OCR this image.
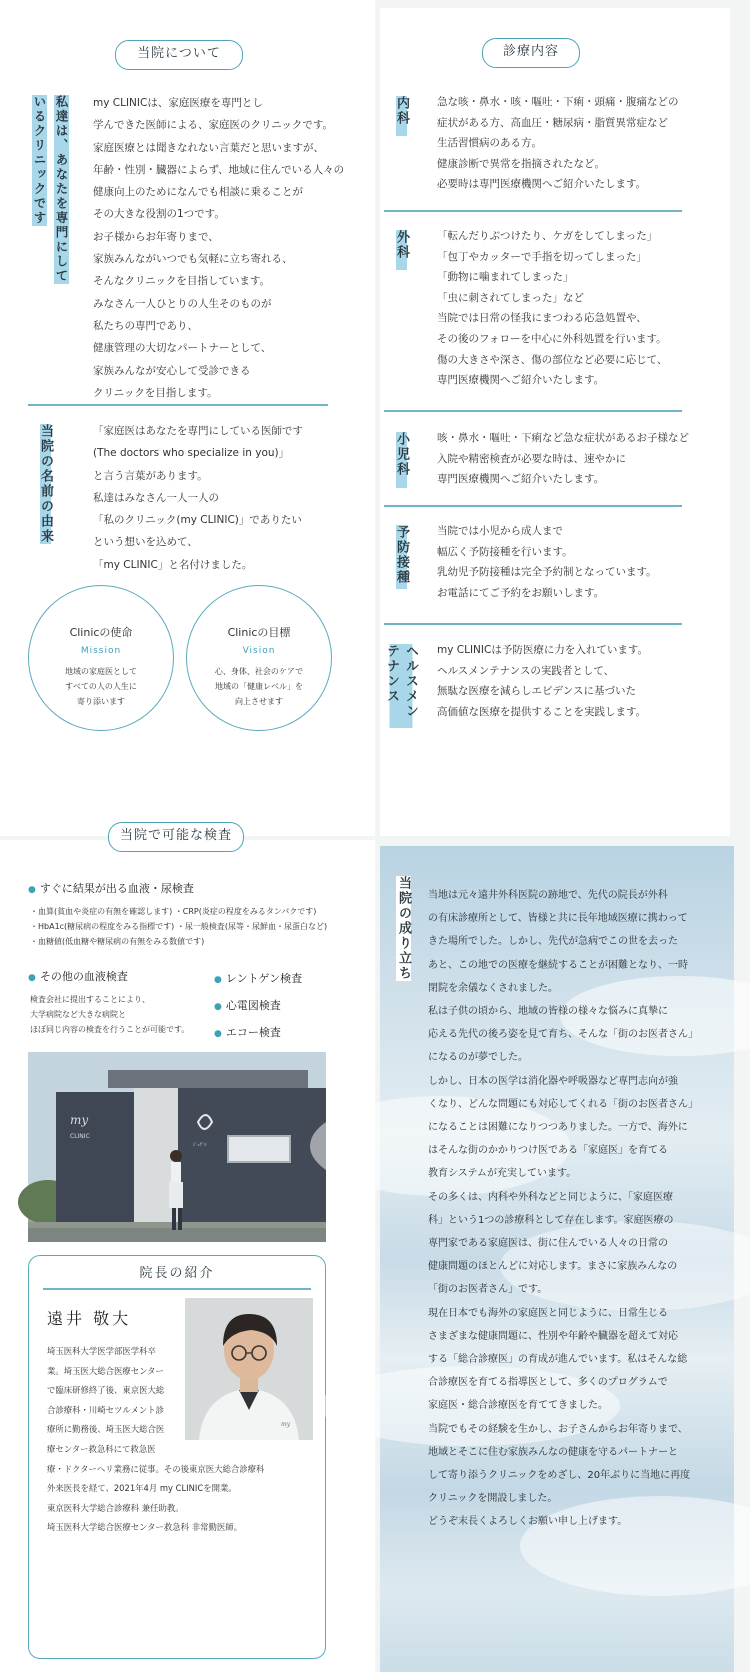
当院について
私達は、あなたを専門にしているクリニックです	my CLINICは、家庭医療を専門とし
学んできた医師による、家庭医のクリニックです。
家庭医療とは聞きなれない言葉だと思いますが、
年齢・性別・臓器によらず、地域に住んでいる人々の
健康向上のためになんでも相談に乗ることが
その大きな役割の1つです。
お子様からお年寄りまで、
家族みんながいつでも気軽に立ち寄れる、
そんなクリニックを目指しています。
みなさん一人ひとりの人生そのものが
私たちの専門であり、
健康管理の大切なパートナーとして、
家族みんなが安心して受診できる
クリニックを目指します。
当院の名前の由来	「家庭医はあなたを専門にしている医師です
(The doctors who specialize in you)」
と言う言葉があります。
私達はみなさん一人一人の
「私のクリニック(my CLINIC)」でありたい
という想いを込めて、
「my CLINIC」と名付けました。
Clinicの使命
Mission
地域の家庭医として
すべての人の人生に
寄り添います
Clinicの目標
Vision
心、身体、社会のケアで
地域の「健康レベル」を
向上させます
診療内容
内科	急な咳・鼻水・咳・嘔吐・下痢・頭痛・腹痛などの
症状がある方、高血圧・糖尿病・脂質異常症など
生活習慣病のある方。
健康診断で異常を指摘されたなど。
必要時は専門医療機関へご紹介いたします。
外科	「転んだりぶつけたり、ケガをしてしまった」
「包丁やカッターで手指を切ってしまった」
「動物に噛まれてしまった」
「虫に刺されてしまった」など
当院では日常の怪我にまつわる応急処置や、
その後のフォローを中心に外科処置を行います。
傷の大きさや深さ、傷の部位など必要に応じて、
専門医療機関へご紹介いたします。
小児科	咳・鼻水・嘔吐・下痢など急な症状があるお子様など
入院や精密検査が必要な時は、速やかに
専門医療機関へご紹介いたします。
予防接種	当院では小児から成人まで
幅広く予防接種を行います。
乳幼児予防接種は完全予約制となっています。
お電話にてご予約をお願いします。
ヘルスメンテナンス	my CLINICは予防医療に力を入れています。
ヘルスメンテナンスの実践者として、
無駄な医療を減らしエビデンスに基づいた
高価値な医療を提供することを実践します。
当院で可能な検査
● すぐに結果が出る血液・尿検査
・血算(貧血や炎症の有無を確認します) ・CRP(炎症の程度をみるタンパクです)
・HbA1c(糖尿病の程度をみる指標です) ・尿一般検査(尿等・尿鮮血・尿蛋白など)
・血糖値(低血糖や糖尿病の有無をみる数値です)
● その他の血液検査
検査会社に提出することにより、
大学病院など大きな病院と
ほぼ同じ内容の検査を行うことが可能です。
● レントゲン検査
● 心電図検査
● エコー検査
my
CLINIC
ｼﾞｪｸﾞﾙ
院長の紹介
遠井 敬大
my
埼玉医科大学医学部医学科卒
業。埼玉医大総合医療センター
で臨床研修終了後、東京医大総
合診療科・川崎セツルメント診
療所に勤務後、埼玉医大総合医
療センター救急科にて救急医
療・ドクターヘリ業務に従事。その後東京医大総合診療科
外来医長を経て、2021年4月 my CLINICを開業。
東京医科大学総合診療科 兼任助教。
埼玉医科大学総合医療センター救急科 非常勤医師。
当院の成り立ち 当地は元々遠井外科医院の跡地で、先代の院長が外科
の有床診療所として、皆様と共に長年地域医療に携わって
きた場所でした。しかし、先代が急病でこの世を去った
あと、この地での医療を継続することが困難となり、一時
閉院を余儀なくされました。
私は子供の頃から、地域の皆様の様々な悩みに真摯に
応える先代の後ろ姿を見て育ち、そんな「街のお医者さん」
になるのが夢でした。
しかし、日本の医学は消化器や呼吸器など専門志向が強
くなり、どんな問題にも対応してくれる「街のお医者さん」
になることは困難になりつつありました。一方で、海外に
はそんな街のかかりつけ医である「家庭医」を育てる
教育システムが充実しています。
その多くは、内科や外科などと同じように、「家庭医療
科」という1つの診療科として存在します。家庭医療の
専門家である家庭医は、街に住んでいる人々の日常の
健康問題のほとんどに対応します。まさに家族みんなの
「街のお医者さん」です。
現在日本でも海外の家庭医と同じように、日常生じる
さまざまな健康問題に、性別や年齢や臓器を超えて対応
する「総合診療医」の育成が進んでいます。私はそんな総
合診療医を育てる指導医として、多くのプログラムで
家庭医・総合診療医を育ててきました。
当院でもその経験を生かし、お子さんからお年寄りまで、
地域とそこに住む家族みんなの健康を守るパートナーと
して寄り添うクリニックをめざし、20年ぶりに当地に再度
クリニックを開設しました。
どうぞ末長くよろしくお願い申し上げます。
